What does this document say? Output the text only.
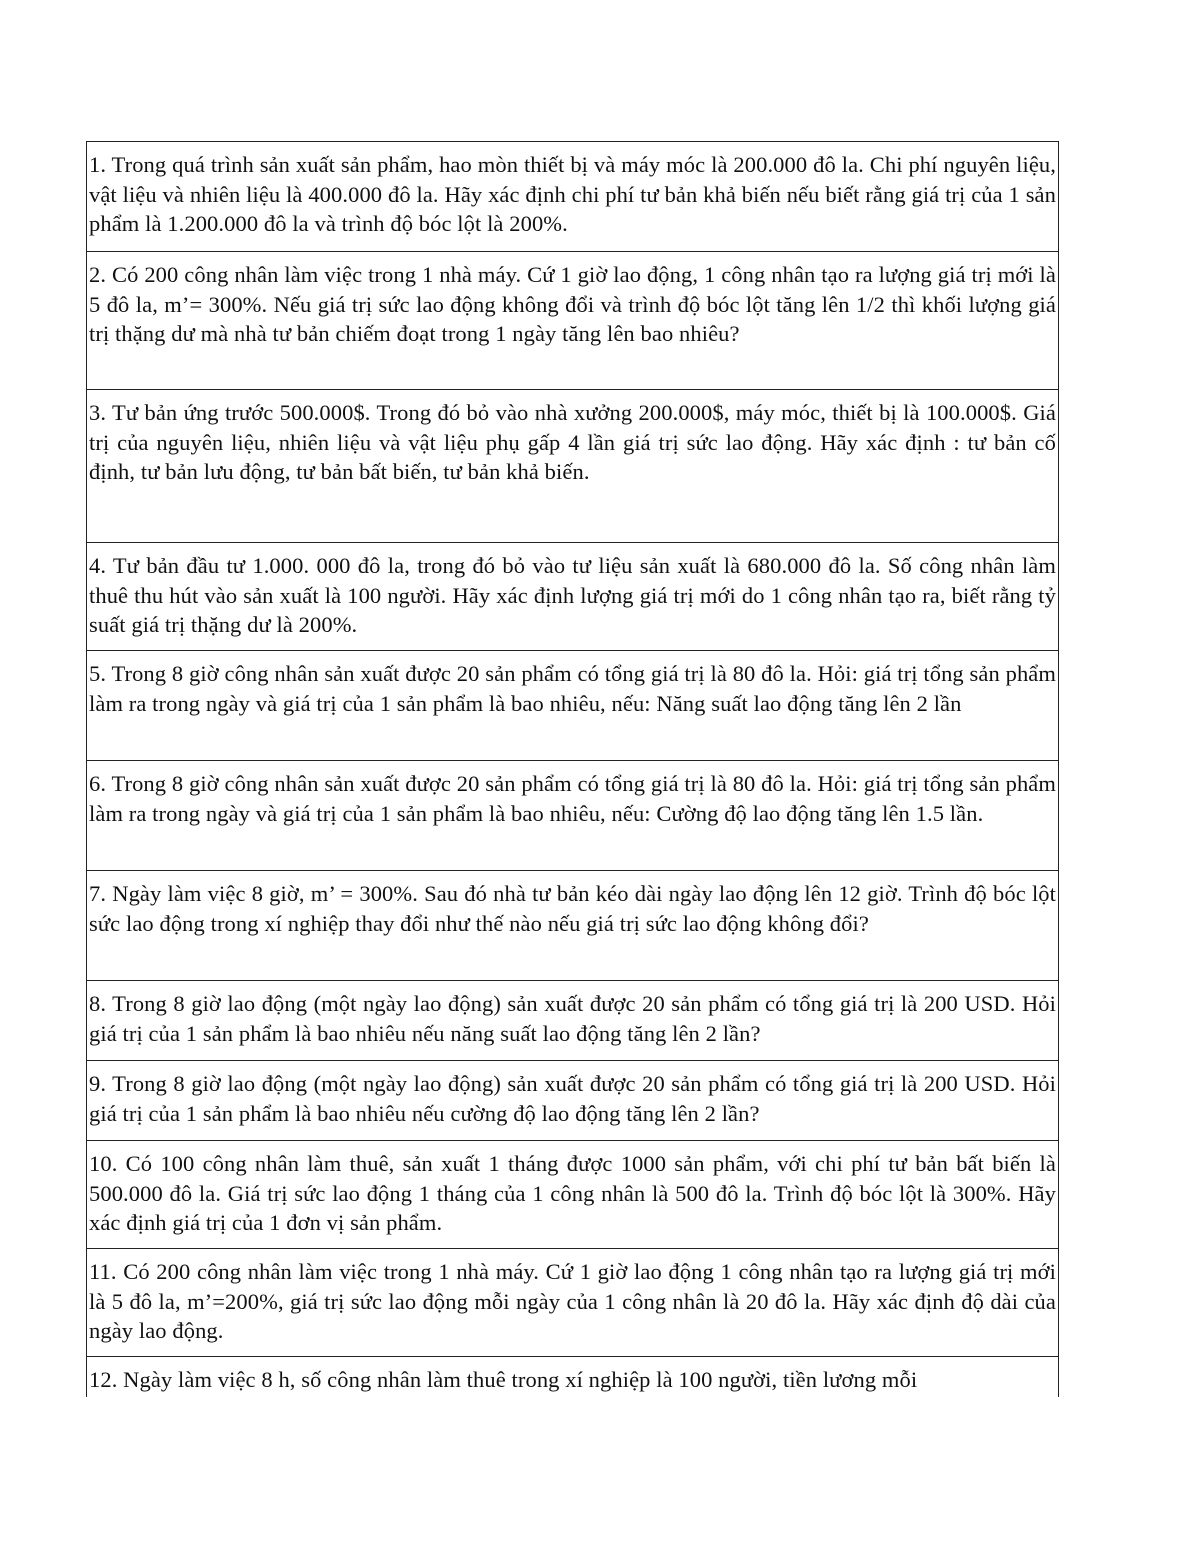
1. Trong quá trình sản xuất sản phẩm, hao mòn thiết bị và máy móc là 200.000 đô la. Chi phí nguyên liệu, vật liệu và nhiên liệu là 400.000 đô la. Hãy xác định chi phí tư bản khả biến nếu biết rằng giá trị của 1 sản phẩm là 1.200.000 đô la và trình độ bóc lột là 200%.

2. Có 200 công nhân làm việc trong 1 nhà máy. Cứ 1 giờ lao động, 1 công nhân tạo ra lượng giá trị mới là 5 đô la, m’= 300%. Nếu giá trị sức lao động không đổi và trình độ bóc lột tăng lên 1/2 thì khối lượng giá trị thặng dư mà nhà tư bản chiếm đoạt trong 1 ngày tăng lên bao nhiêu?

3. Tư bản ứng trước 500.000$. Trong đó bỏ vào nhà xưởng 200.000$, máy móc, thiết bị là 100.000$. Giá trị của nguyên liệu, nhiên liệu và vật liệu phụ gấp 4 lần giá trị sức lao động. Hãy xác định : tư bản cố định, tư bản lưu động, tư bản bất biến, tư bản khả biến.

4. Tư bản đầu tư 1.000. 000 đô la, trong đó bỏ vào tư liệu sản xuất là 680.000 đô la. Số công nhân làm thuê thu hút vào sản xuất là 100 người. Hãy xác định lượng giá trị mới do 1 công nhân tạo ra, biết rằng tỷ suất giá trị thặng dư là 200%.

5. Trong 8 giờ công nhân sản xuất được 20 sản phẩm có tổng giá trị là 80 đô la. Hỏi: giá trị tổng sản phẩm làm ra trong ngày và giá trị của 1 sản phẩm là bao nhiêu, nếu: Năng suất lao động tăng lên 2 lần

6. Trong 8 giờ công nhân sản xuất được 20 sản phẩm có tổng giá trị là 80 đô la. Hỏi: giá trị tổng sản phẩm làm ra trong ngày và giá trị của 1 sản phẩm là bao nhiêu, nếu: Cường độ lao động tăng lên 1.5 lần.

7. Ngày làm việc 8 giờ, m’ = 300%. Sau đó nhà tư bản kéo dài ngày lao động lên 12 giờ. Trình độ bóc lột sức lao động trong xí nghiệp thay đổi như thế nào nếu giá trị sức lao động không đổi?

8. Trong 8 giờ lao động (một ngày lao động) sản xuất được 20 sản phẩm có tổng giá trị là 200 USD. Hỏi giá trị của 1 sản phẩm là bao nhiêu nếu năng suất lao động tăng lên 2 lần?

9. Trong 8 giờ lao động (một ngày lao động) sản xuất được 20 sản phẩm có tổng giá trị là 200 USD. Hỏi giá trị của 1 sản phẩm là bao nhiêu nếu cường độ lao động tăng lên 2 lần?

10. Có 100 công nhân làm thuê, sản xuất 1 tháng được 1000 sản phẩm, với chi phí tư bản bất biến là 500.000 đô la. Giá trị sức lao động 1 tháng của 1 công nhân là 500 đô la. Trình độ bóc lột là 300%. Hãy xác định giá trị của 1 đơn vị sản phẩm.

11. Có 200 công nhân làm việc trong 1 nhà máy. Cứ 1 giờ lao động 1 công nhân tạo ra lượng giá trị mới là 5 đô la, m’=200%, giá trị sức lao động mỗi ngày của 1 công nhân là 20 đô la. Hãy xác định độ dài của ngày lao động.

12. Ngày làm việc 8 h, số công nhân làm thuê trong xí nghiệp là 100 người, tiền lương mỗi
